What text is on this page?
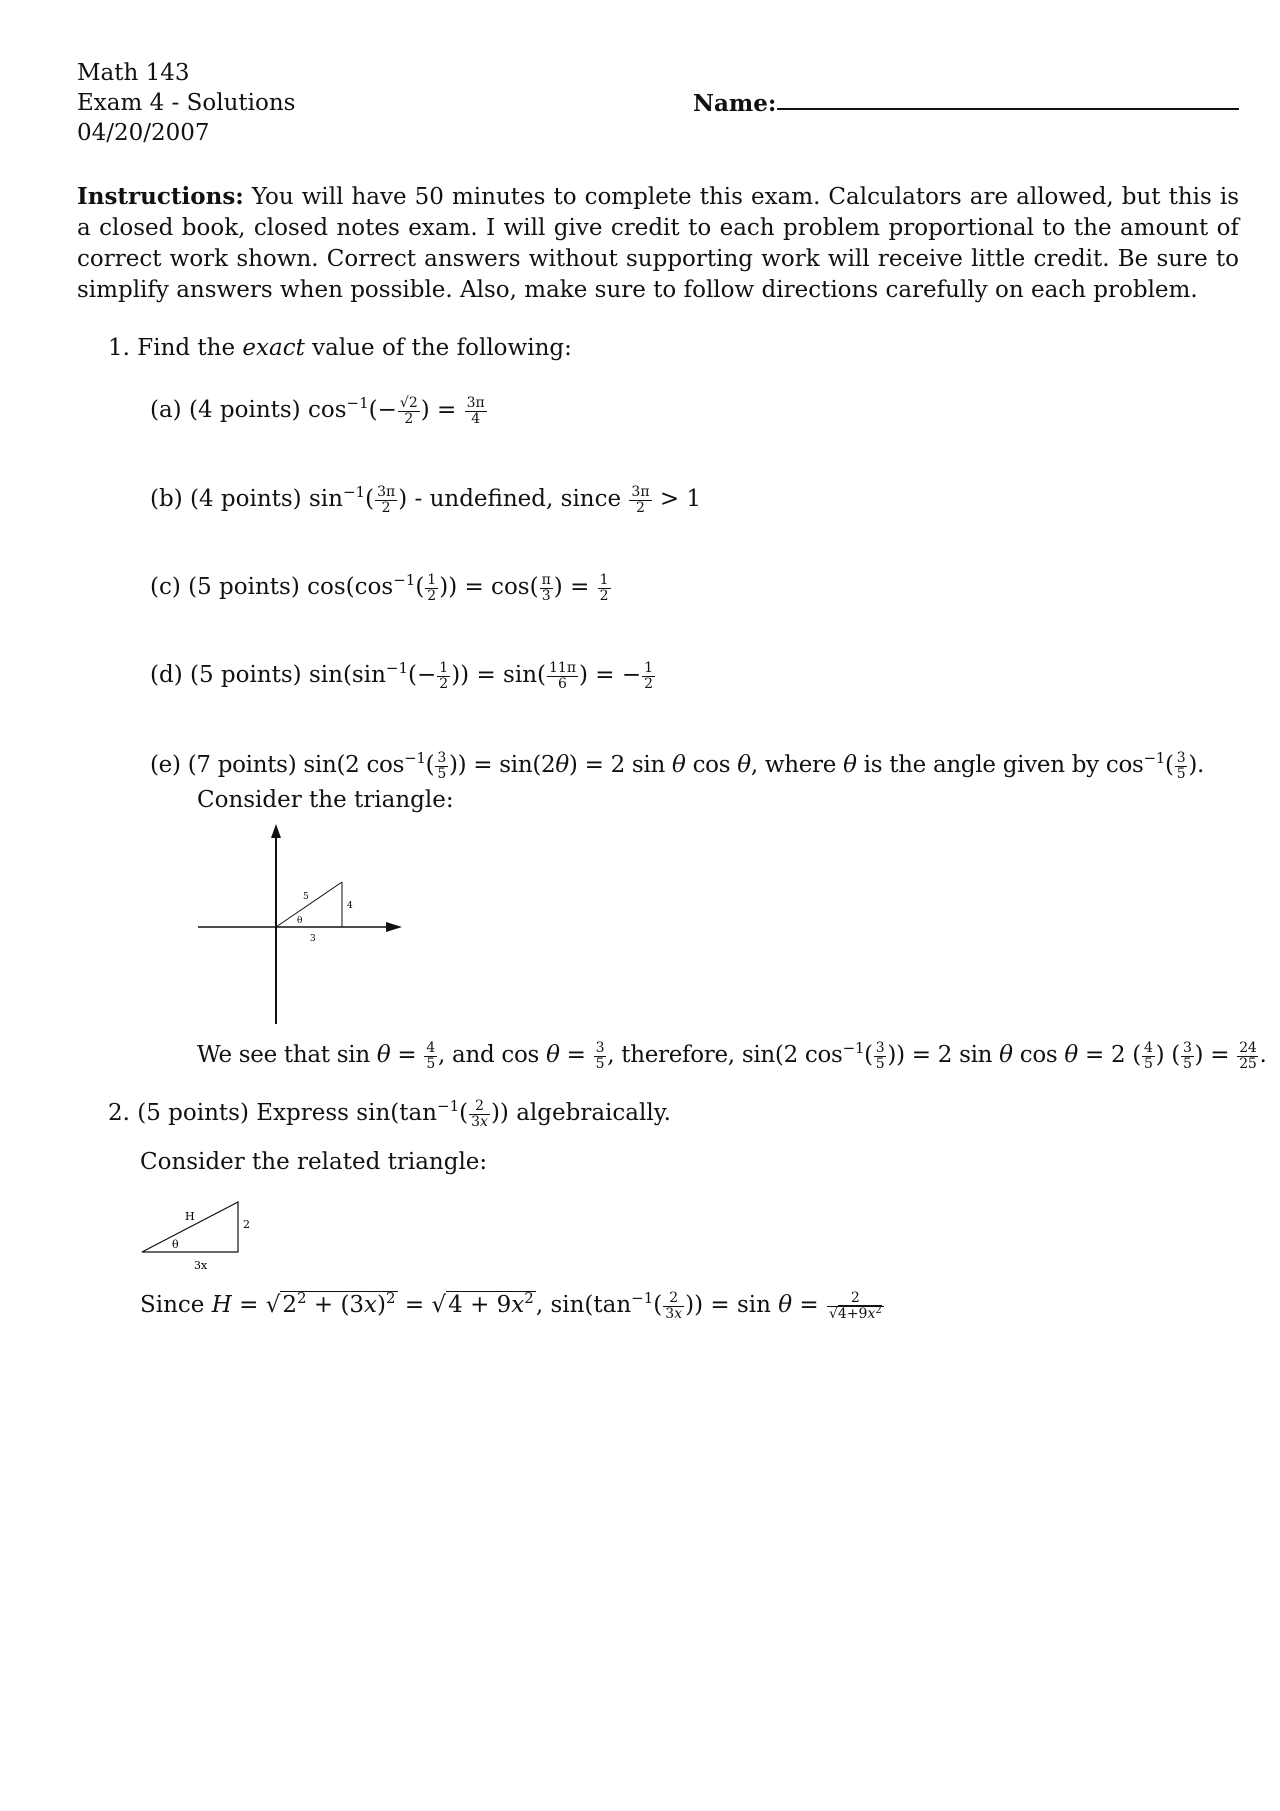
Math 143
Exam 4 - Solutions
04/20/2007
Name:
Instructions: You will have 50 minutes to complete this exam. Calculators are allowed, but this is a closed book, closed notes exam. I will give credit to each problem proportional to the amount of correct work shown. Correct answers without supporting work will receive little credit. Be sure to simplify answers when possible. Also, make sure to follow directions carefully on each problem.
1. Find the exact value of the following:
(a) (4 points) $\cos^{-1}(- \frac{√2}{2}$ ) = $\frac{3\pi}{4}$
(b) (4 points) $\sin^{-1}( \frac{3\pi}{2}$ ) - undefined, since $\frac{3\pi}{2} > 1$
(c) (5 points) $\cos(\cos^{-1}( \frac{1}{2}$ )) = $\cos( \frac{\pi}{3}$ ) = $\frac{1}{2}$
(d) (5 points) $\sin(\sin^{-1}(- \frac{1}{2}$ )) = $\sin( \frac{11\pi}{6}$ ) = − $\frac{1}{2}$
(e) (7 points) sin(2 $\cos^{-1}( \frac{3}{5}$ )) = sin(2θ) = 2 sin θ cos θ, where θ is the angle given by $\cos^{-1}( \frac{3}{5}$ ).
Consider the triangle:
5
4
3
θ
We see that $\sin \theta = \frac{4}{5}$ , and $\cos \theta = \frac{3}{5}$ , therefore, sin(2 $\cos^{-1}( \frac{3}{5}$ )) = 2 sin θ cos θ = 2 ( $\frac{4}{5}$ ) ( $\frac{3}{5}$ ) = $\frac{24}{25}$ .
2. (5 points) Express $\sin(\tan^{-1}( \frac{2}{3x}$ )) algebraically.
Consider the related triangle:
H
2
3x
θ
Since $H = √2^2 + (3x)^2 = √4 + 9x^2$, $\sin(\tan^{-1}( \frac{2}{3x}$ )) = $\sin \theta = \frac{2}{√4+9x^2}$
